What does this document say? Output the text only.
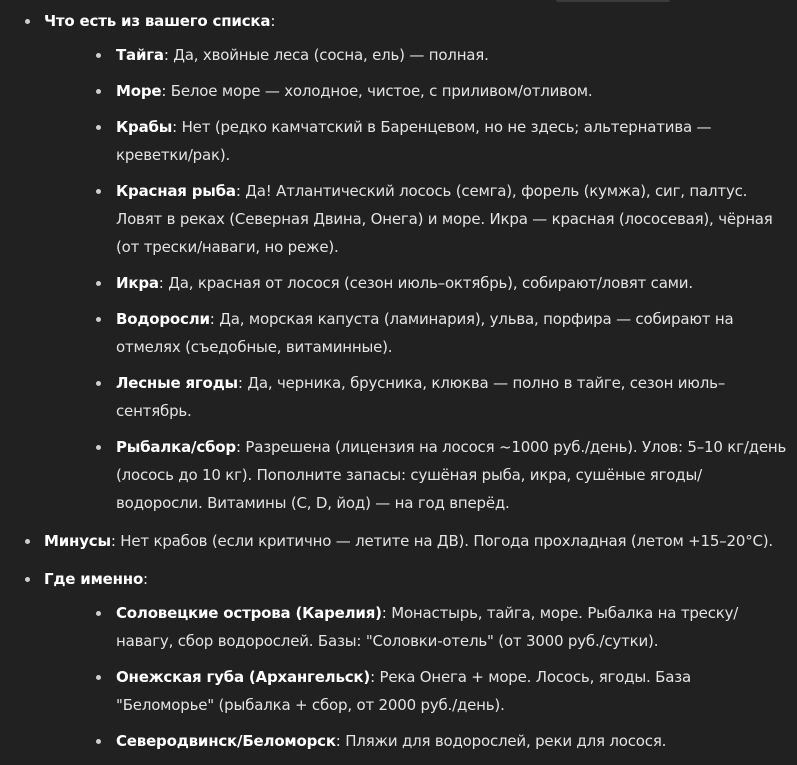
Что есть из вашего списка:
Тайга: Да, хвойные леса (сосна, ель) — полная.
Море: Белое море — холодное, чистое, с приливом/отливом.
Крабы: Нет (редко камчатский в Баренцевом, но не здесь; альтернатива — креветки/рак).
Красная рыба: Да! Атлантический лосось (семга), форель (кумжа), сиг, палтус. Ловят в реках (Северная Двина, Онега) и море. Икра — красная (лососевая), чёрная (от трески/наваги, но реже).
Икра: Да, красная от лосося (сезон июль–октябрь), собирают/ловят сами.
Водоросли: Да, морская капуста (ламинария), ульва, порфира — собирают на отмелях (съедобные, витаминные).
Лесные ягоды: Да, черника, брусника, клюква — полно в тайге, сезон июль–сентябрь.
Рыбалка/сбор: Разрешена (лицензия на лосося ~1000 руб./день). Улов: 5–10 кг/день (лосось до 10 кг). Пополните запасы: сушёная рыба, икра, сушёные ягоды/водоросли. Витамины (C, D, йод) — на год вперёд.
Минусы: Нет крабов (если критично — летите на ДВ). Погода прохладная (летом +15–20°C).
Где именно:
Соловецкие острова (Карелия): Монастырь, тайга, море. Рыбалка на треску/навагу, сбор водорослей. Базы: "Соловки-отель" (от 3000 руб./сутки).
Онежская губа (Архангельск): Река Онега + море. Лосось, ягоды. База "Беломорье" (рыбалка + сбор, от 2000 руб./день).
Северодвинск/Беломорск: Пляжи для водорослей, реки для лосося.
